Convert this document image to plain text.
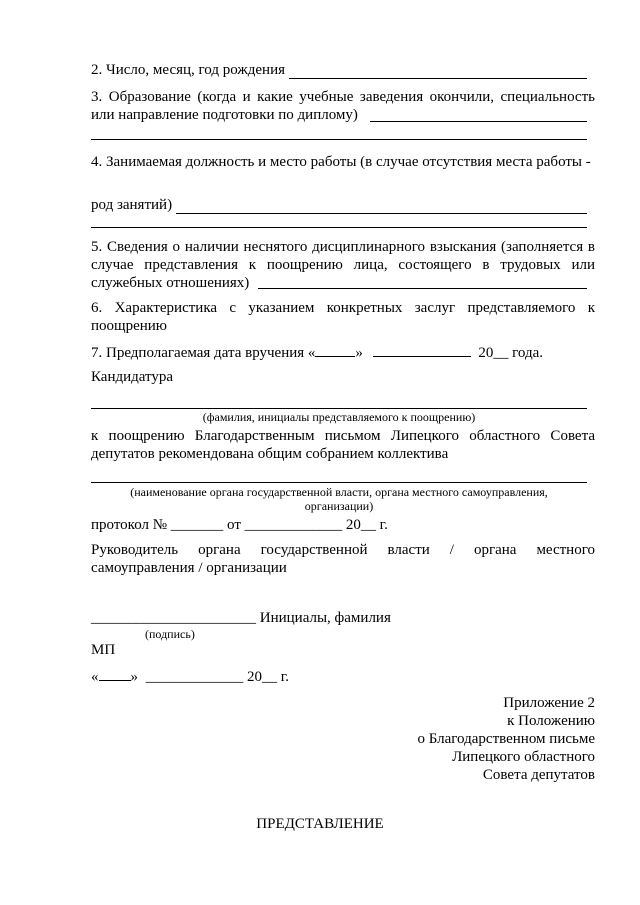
2. Число, месяц, год рождения
3. Образование (когда и какие учебные заведения окончили, специальность или направление подготовки по диплому)
4. Занимаемая должность и место работы (в случае отсутствия места работы -
род занятий)
5. Сведения о наличии неснятого дисциплинарного взыскания (заполняется в случае представления к поощрению лица, состоящего в трудовых или служебных отношениях)
6. Характеристика с указанием конкретных заслуг представляемого к поощрению
7. Предполагаемая дата вручения «	»	20__ года.
Кандидатура
(фамилия, инициалы представляемого к поощрению)
к поощрению Благодарственным письмом Липецкого областного Совета депутатов рекомендована общим собранием коллектива
(наименование органа государственной власти, органа местного самоуправления,
организации)
протокол № _______ от _____________ 20__ г.
Руководитель органа государственной власти / органа местного самоуправления / организации
______________________ Инициалы, фамилия
(подпись)
МП
« » _____________ 20__ г.
Приложение 2
к Положению
о Благодарственном письме
Липецкого областного
Совета депутатов
ПРЕДСТАВЛЕНИЕ
